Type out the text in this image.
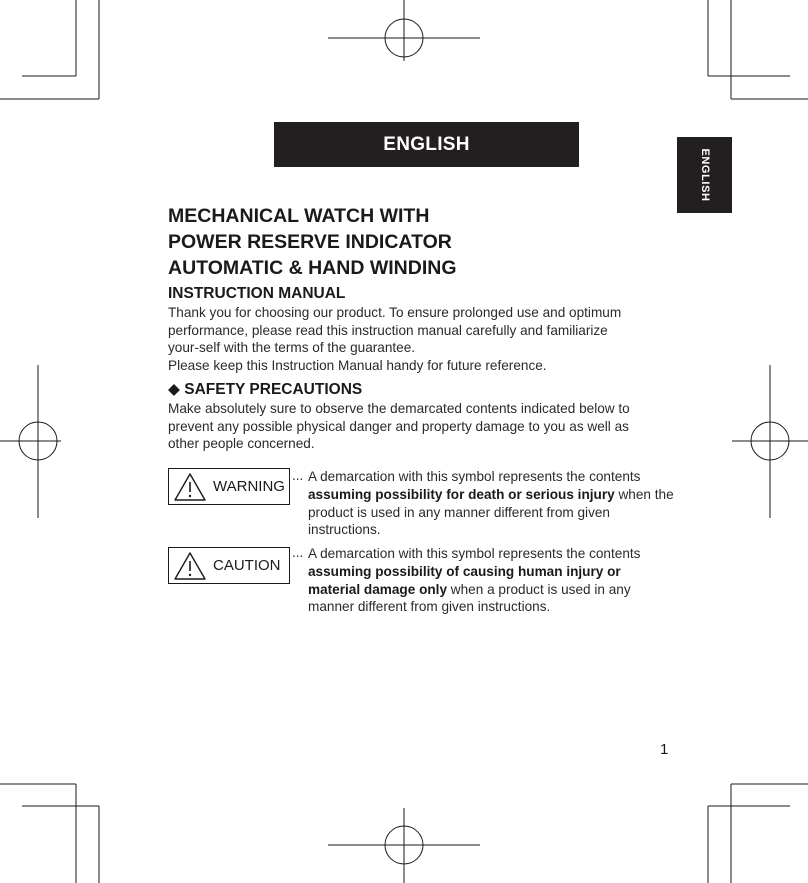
ENGLISH
ENGLISH
MECHANICAL WATCH WITH
POWER RESERVE INDICATOR
AUTOMATIC & HAND WINDING
INSTRUCTION MANUAL

Thank you for choosing our product. To ensure prolonged use and optimum
performance, please read this instruction manual carefully and familiarize
your-self with the terms of the guarantee.
Please keep this Instruction Manual handy for future reference.

◆ SAFETY PRECAUTIONS

Make absolutely sure to observe the demarcated contents indicated below to
prevent any possible physical danger and property damage to you as well as
other people concerned.

WARNING
... A demarcation with this symbol represents the contents assuming possibility for death or serious injury when the product is used in any manner different from given instructions.

CAUTION
... A demarcation with this symbol represents the contents assuming possibility of causing human injury or material damage only when a product is used in any manner different from given instructions.

1
